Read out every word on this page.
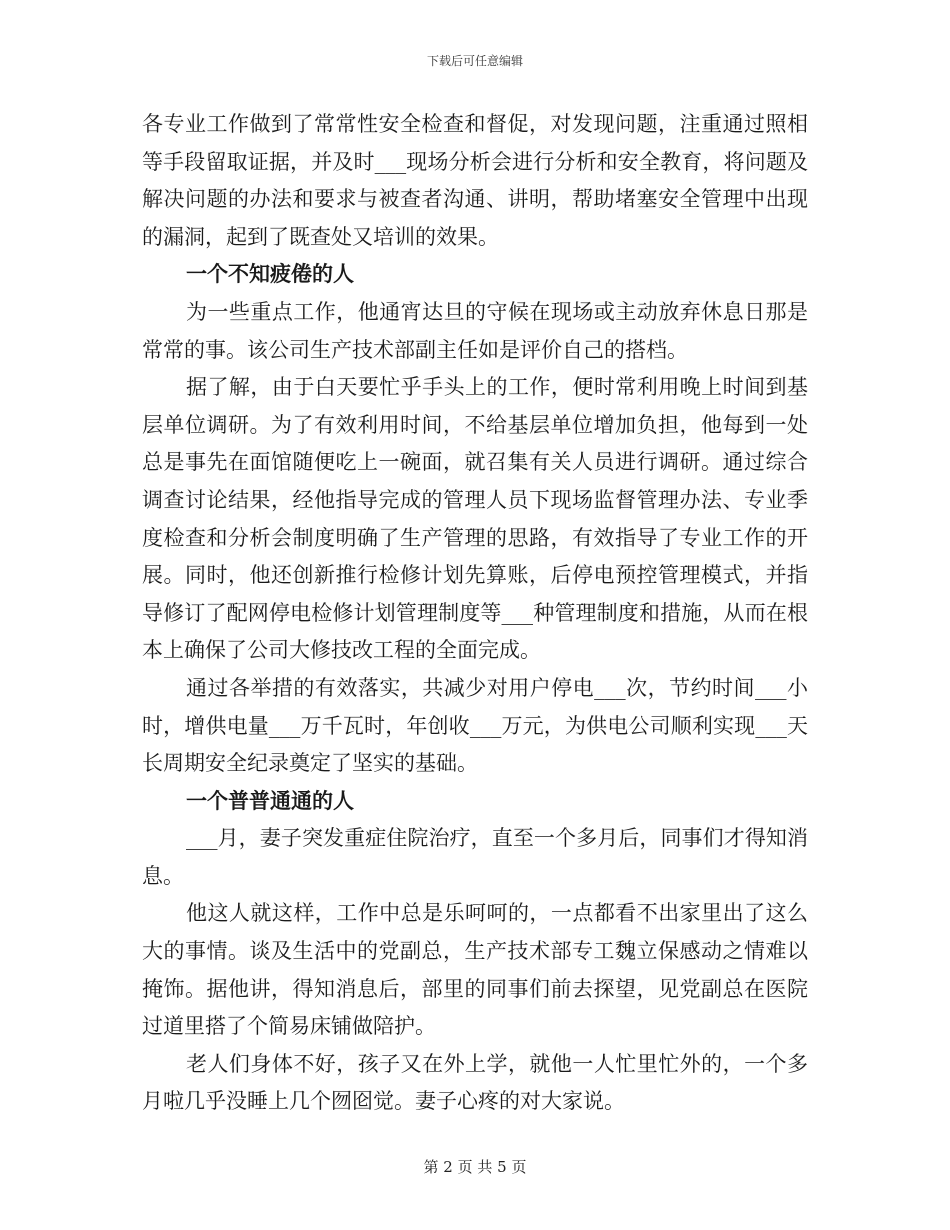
下载后可任意编辑

各专业工作做到了常常性安全检查和督促，对发现问题，注重通过照相等手段留取证据，并及时___现场分析会进行分析和安全教育，将问题及解决问题的办法和要求与被查者沟通、讲明，帮助堵塞安全管理中出现的漏洞，起到了既查处又培训的效果。

一个不知疲倦的人

为一些重点工作，他通宵达旦的守候在现场或主动放弃休息日那是常常的事。该公司生产技术部副主任如是评价自己的搭档。

据了解，由于白天要忙乎手头上的工作，便时常利用晚上时间到基层单位调研。为了有效利用时间，不给基层单位增加负担，他每到一处总是事先在面馆随便吃上一碗面，就召集有关人员进行调研。通过综合调查讨论结果，经他指导完成的管理人员下现场监督管理办法、专业季度检查和分析会制度明确了生产管理的思路，有效指导了专业工作的开展。同时，他还创新推行检修计划先算账，后停电预控管理模式，并指导修订了配网停电检修计划管理制度等___种管理制度和措施，从而在根本上确保了公司大修技改工程的全面完成。

通过各举措的有效落实，共减少对用户停电___次，节约时间___小时，增供电量___万千瓦时，年创收___万元，为供电公司顺利实现___天长周期安全纪录奠定了坚实的基础。

一个普普通通的人

___月，妻子突发重症住院治疗，直至一个多月后，同事们才得知消息。

他这人就这样，工作中总是乐呵呵的，一点都看不出家里出了这么大的事情。谈及生活中的党副总，生产技术部专工魏立保感动之情难以掩饰。据他讲，得知消息后，部里的同事们前去探望，见党副总在医院过道里搭了个简易床铺做陪护。

老人们身体不好，孩子又在外上学，就他一人忙里忙外的，一个多月啦几乎没睡上几个囫囵觉。妻子心疼的对大家说。

第 2 页 共 5 页
